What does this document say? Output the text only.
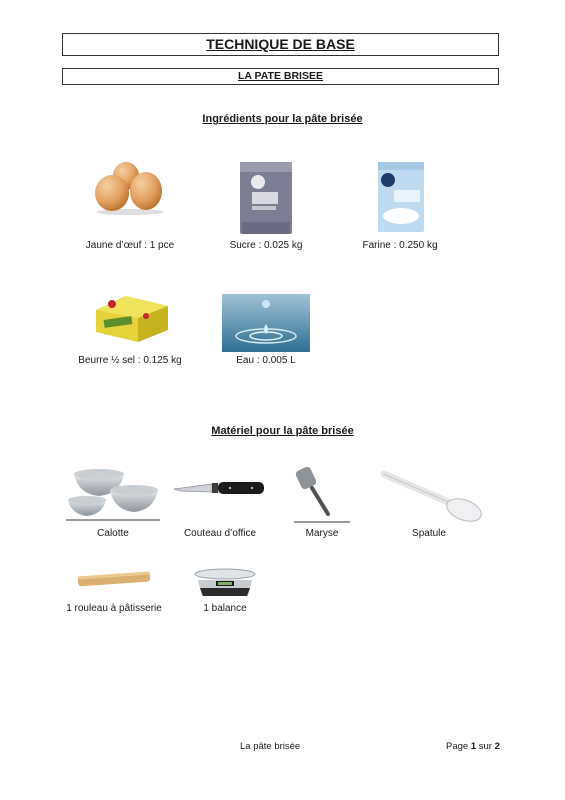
TECHNIQUE DE BASE
LA PATE BRISEE
Ingrédients pour la pâte brisée
Jaune d’œuf : 1 pce	Sucre : 0.025 kg	Farine : 0.250 kg
Beurre ½ sel : 0.125 kg	Eau : 0.005 L
Matériel pour la pâte brisée
Calotte	Couteau d’office	Maryse	Spatule
1 rouleau à pâtisserie	1 balance
La pâte brisée	Page 1 sur 2
